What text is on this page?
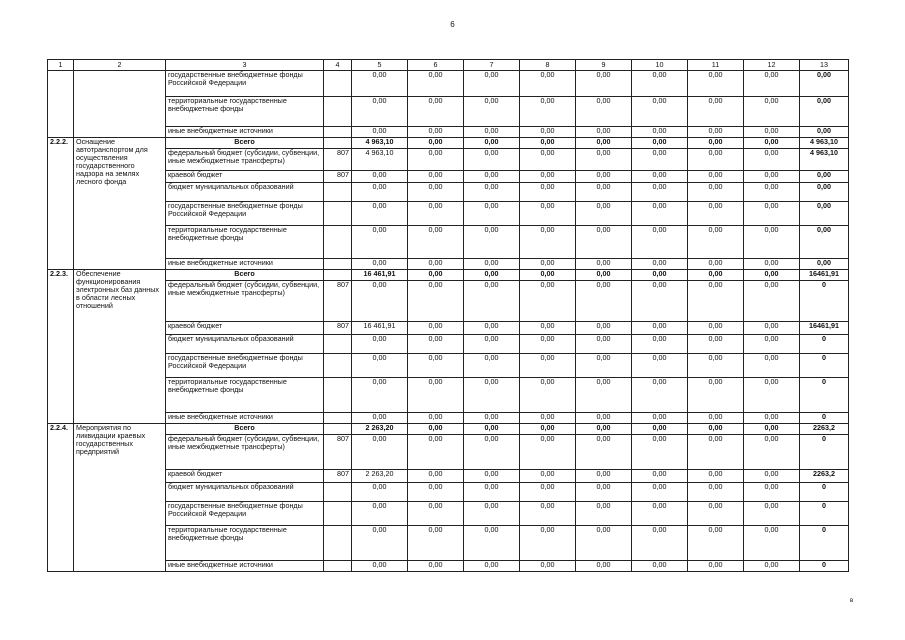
6
1	2	3	4	5	6	7	8	9	10	11	12	13
		государственные внебюджетные фонды Российской Федерации		0,00	0,00	0,00	0,00	0,00	0,00	0,00	0,00	0,00
		территориальные государственные внебюджетные фонды		0,00	0,00	0,00	0,00	0,00	0,00	0,00	0,00	0,00
		иные внебюджетные источники		0,00	0,00	0,00	0,00	0,00	0,00	0,00	0,00	0,00
2.2.2.	Оснащение автотранспортом для осуществления государственного надзора на землях лесного фонда	Всего		4 963,10	0,00	0,00	0,00	0,00	0,00	0,00	0,00	4 963,10
		федеральный бюджет (субсидии, субвенции, иные межбюджетные трансферты)	807	4 963,10	0,00	0,00	0,00	0,00	0,00	0,00	0,00	4 963,10
		краевой бюджет	807	0,00	0,00	0,00	0,00	0,00	0,00	0,00	0,00	0,00
		бюджет муниципальных образований		0,00	0,00	0,00	0,00	0,00	0,00	0,00	0,00	0,00
		государственные внебюджетные фонды Российской Федерации		0,00	0,00	0,00	0,00	0,00	0,00	0,00	0,00	0,00
		территориальные государственные внебюджетные фонды		0,00	0,00	0,00	0,00	0,00	0,00	0,00	0,00	0,00
		иные внебюджетные источники		0,00	0,00	0,00	0,00	0,00	0,00	0,00	0,00	0,00
2.2.3.	Обеспечение функционирования электронных баз данных в области лесных отношений	Всего		16 461,91	0,00	0,00	0,00	0,00	0,00	0,00	0,00	16461,91
		федеральный бюджет (субсидии, субвенции, иные межбюджетные трансферты)	807	0,00	0,00	0,00	0,00	0,00	0,00	0,00	0,00	0
		краевой бюджет	807	16 461,91	0,00	0,00	0,00	0,00	0,00	0,00	0,00	16461,91
		бюджет муниципальных образований		0,00	0,00	0,00	0,00	0,00	0,00	0,00	0,00	0
		государственные внебюджетные фонды Российской Федерации		0,00	0,00	0,00	0,00	0,00	0,00	0,00	0,00	0
		территориальные государственные внебюджетные фонды		0,00	0,00	0,00	0,00	0,00	0,00	0,00	0,00	0
		иные внебюджетные источники		0,00	0,00	0,00	0,00	0,00	0,00	0,00	0,00	0
2.2.4.	Мероприятия по ликвидации краевых государственных предприятий	Всего		2 263,20	0,00	0,00	0,00	0,00	0,00	0,00	0,00	2263,2
		федеральный бюджет (субсидии, субвенции, иные межбюджетные трансферты)	807	0,00	0,00	0,00	0,00	0,00	0,00	0,00	0,00	0
		краевой бюджет	807	2 263,20	0,00	0,00	0,00	0,00	0,00	0,00	0,00	2263,2
		бюджет муниципальных образований		0,00	0,00	0,00	0,00	0,00	0,00	0,00	0,00	0
		государственные внебюджетные фонды Российской Федерации		0,00	0,00	0,00	0,00	0,00	0,00	0,00	0,00	0
		территориальные государственные внебюджетные фонды		0,00	0,00	0,00	0,00	0,00	0,00	0,00	0,00	0
		иные внебюджетные источники		0,00	0,00	0,00	0,00	0,00	0,00	0,00	0,00	0
в
